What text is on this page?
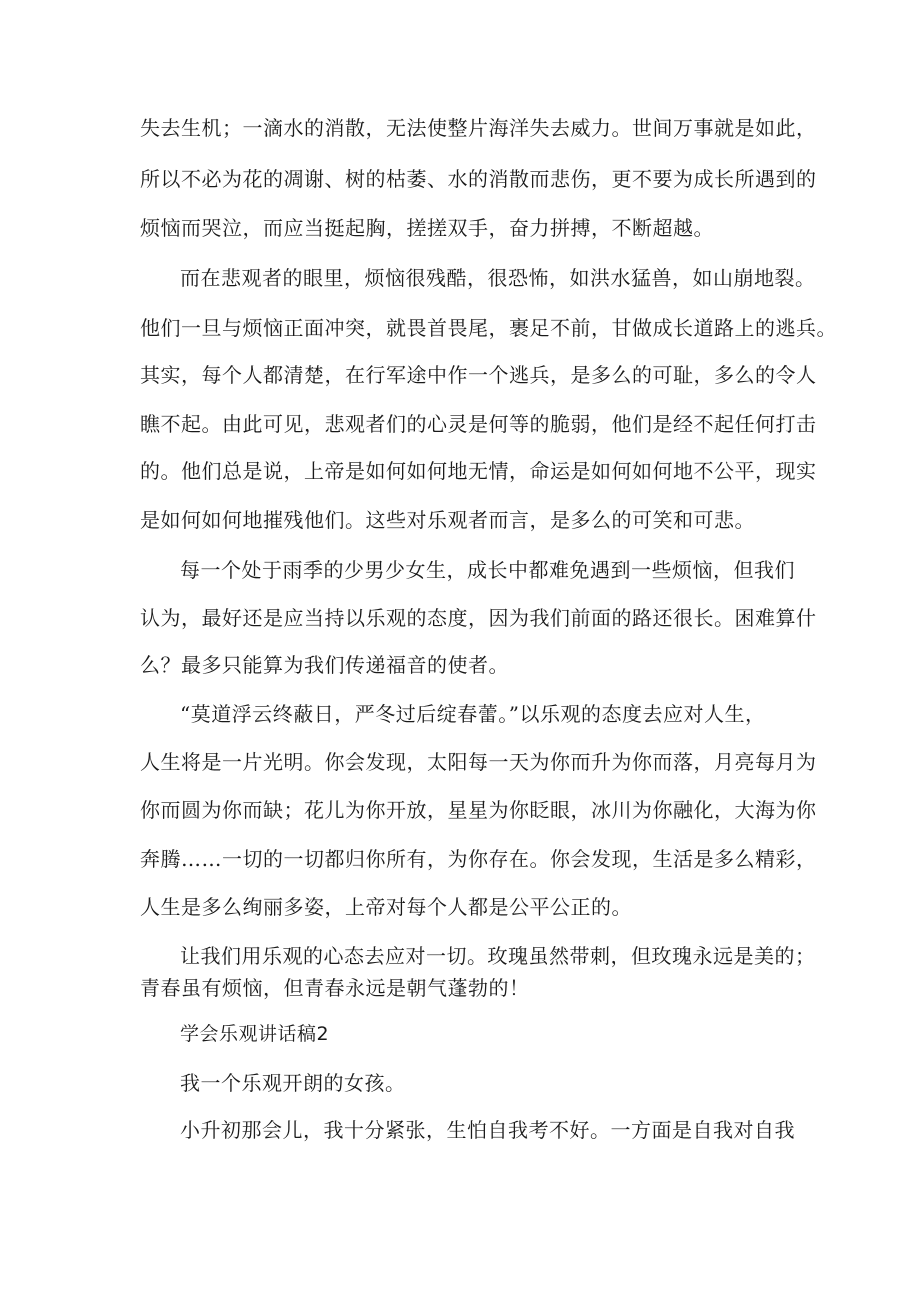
失去生机；一滴水的消散，无法使整片海洋失去威力。世间万事就是如此，
所以不必为花的凋谢、树的枯萎、水的消散而悲伤，更不要为成长所遇到的
烦恼而哭泣，而应当挺起胸，搓搓双手，奋力拼搏，不断超越。
而在悲观者的眼里，烦恼很残酷，很恐怖，如洪水猛兽，如山崩地裂。
他们一旦与烦恼正面冲突，就畏首畏尾，裹足不前，甘做成长道路上的逃兵。
其实，每个人都清楚，在行军途中作一个逃兵，是多么的可耻，多么的令人
瞧不起。由此可见，悲观者们的心灵是何等的脆弱，他们是经不起任何打击
的。他们总是说，上帝是如何如何地无情，命运是如何如何地不公平，现实
是如何如何地摧残他们。这些对乐观者而言，是多么的可笑和可悲。
每一个处于雨季的少男少女生，成长中都难免遇到一些烦恼，但我们
认为，最好还是应当持以乐观的态度，因为我们前面的路还很长。困难算什
么？最多只能算为我们传递福音的使者。
“莫道浮云终蔽日，严冬过后绽春蕾。”以乐观的态度去应对人生，
人生将是一片光明。你会发现，太阳每一天为你而升为你而落，月亮每月为
你而圆为你而缺；花儿为你开放，星星为你眨眼，冰川为你融化，大海为你
奔腾……一切的一切都归你所有，为你存在。你会发现，生活是多么精彩，
人生是多么绚丽多姿，上帝对每个人都是公平公正的。
让我们用乐观的心态去应对一切。玫瑰虽然带刺，但玫瑰永远是美的；
青春虽有烦恼，但青春永远是朝气蓬勃的！
学会乐观讲话稿2
我一个乐观开朗的女孩。
小升初那会儿，我十分紧张，生怕自我考不好。一方面是自我对自我
